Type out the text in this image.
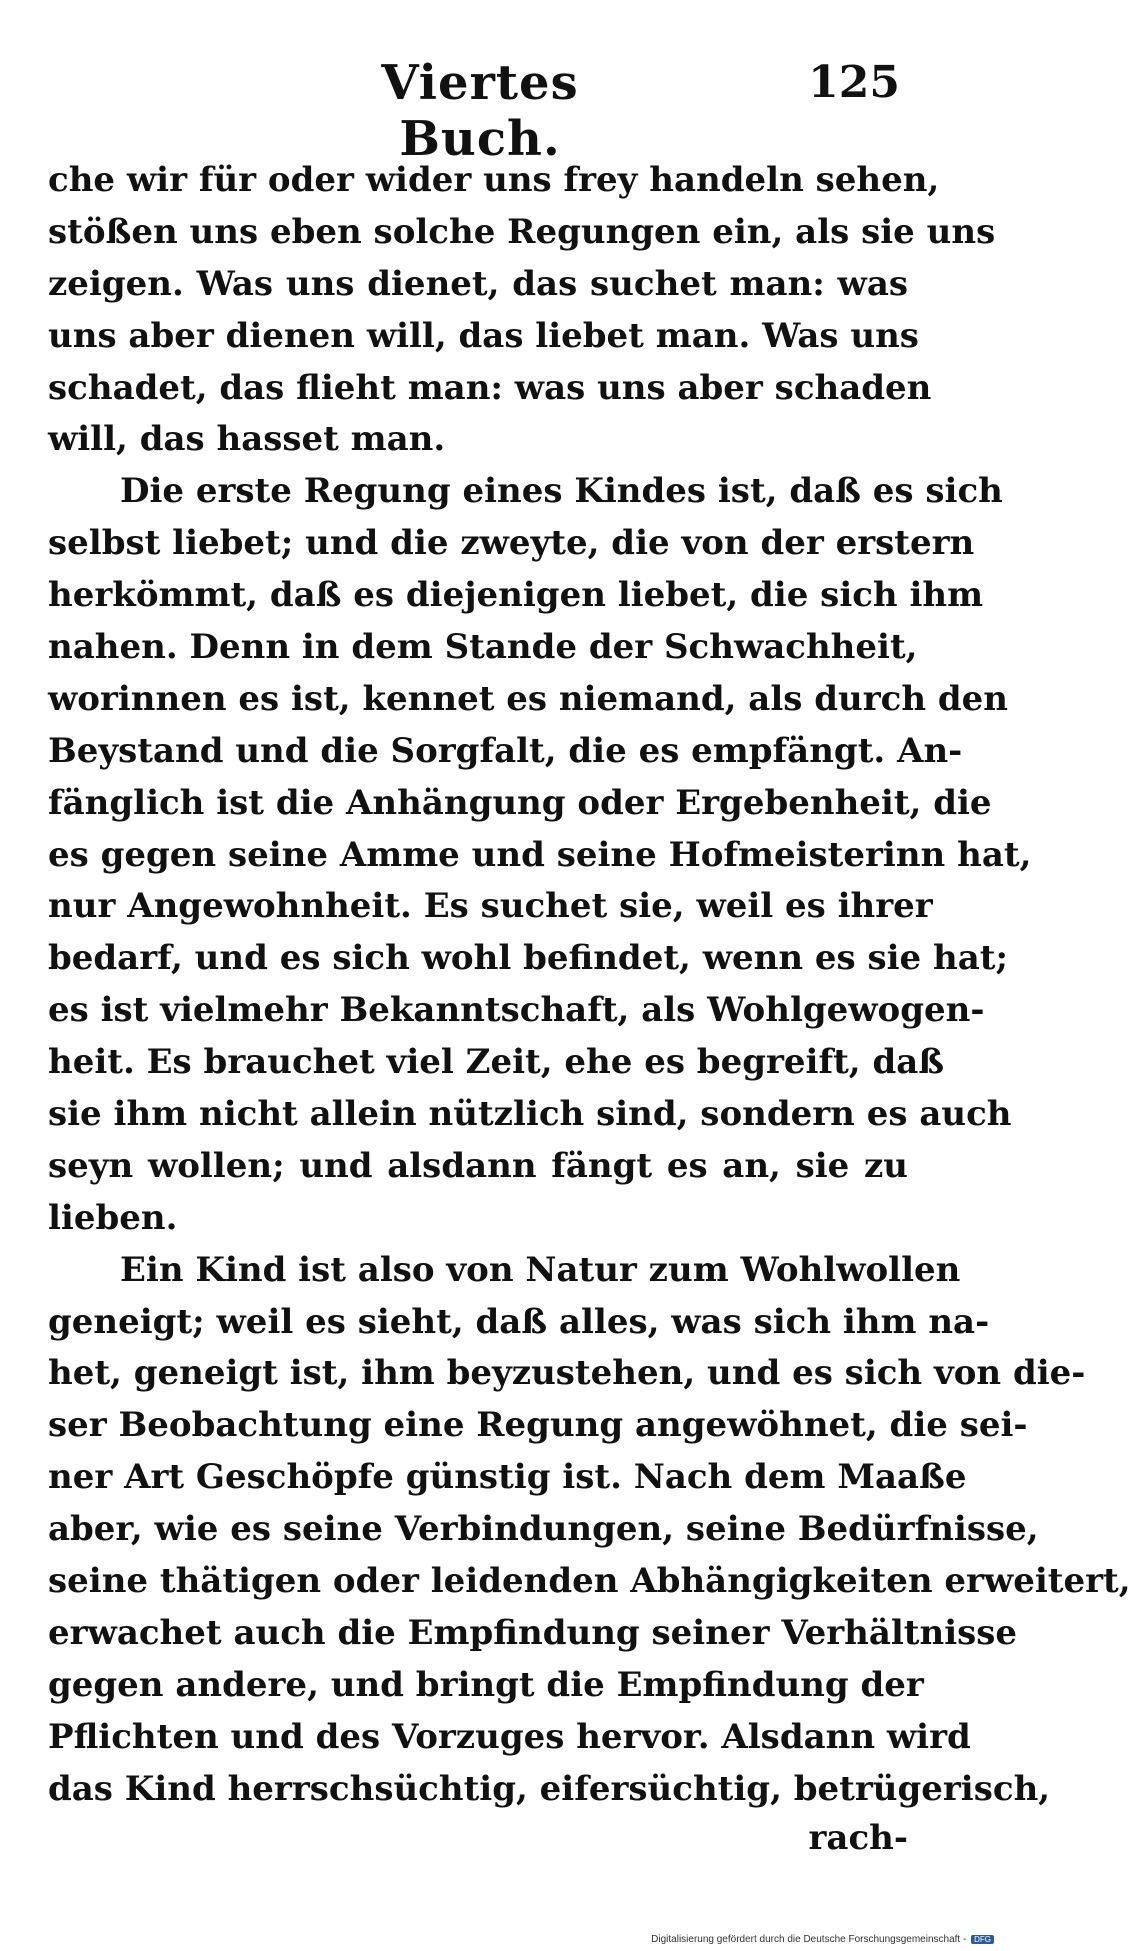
Viertes Buch.
125
che wir für oder wider uns frey handeln sehen,
stößen uns eben solche Regungen ein, als sie uns
zeigen. Was uns dienet, das suchet man: was
uns aber dienen will, das liebet man. Was uns
schadet, das flieht man: was uns aber schaden
will, das hasset man.
Die erste Regung eines Kindes ist, daß es sich
selbst liebet; und die zweyte, die von der erstern
herkömmt, daß es diejenigen liebet, die sich ihm
nahen. Denn in dem Stande der Schwachheit,
worinnen es ist, kennet es niemand, als durch den
Beystand und die Sorgfalt, die es empfängt. An-
fänglich ist die Anhängung oder Ergebenheit, die
es gegen seine Amme und seine Hofmeisterinn hat,
nur Angewohnheit. Es suchet sie, weil es ihrer
bedarf, und es sich wohl befindet, wenn es sie hat;
es ist vielmehr Bekanntschaft, als Wohlgewogen-
heit. Es brauchet viel Zeit, ehe es begreift, daß
sie ihm nicht allein nützlich sind, sondern es auch
seyn wollen; und alsdann fängt es an, sie zu
lieben.
Ein Kind ist also von Natur zum Wohlwollen
geneigt; weil es sieht, daß alles, was sich ihm na-
het, geneigt ist, ihm beyzustehen, und es sich von die-
ser Beobachtung eine Regung angewöhnet, die sei-
ner Art Geschöpfe günstig ist. Nach dem Maaße
aber, wie es seine Verbindungen, seine Bedürfnisse,
seine thätigen oder leidenden Abhängigkeiten erweitert,
erwachet auch die Empfindung seiner Verhältnisse
gegen andere, und bringt die Empfindung der
Pflichten und des Vorzuges hervor. Alsdann wird
das Kind herrschsüchtig, eifersüchtig, betrügerisch,
rach-
Digitalisierung gefördert durch die Deutsche Forschungsgemeinschaft - DFG
